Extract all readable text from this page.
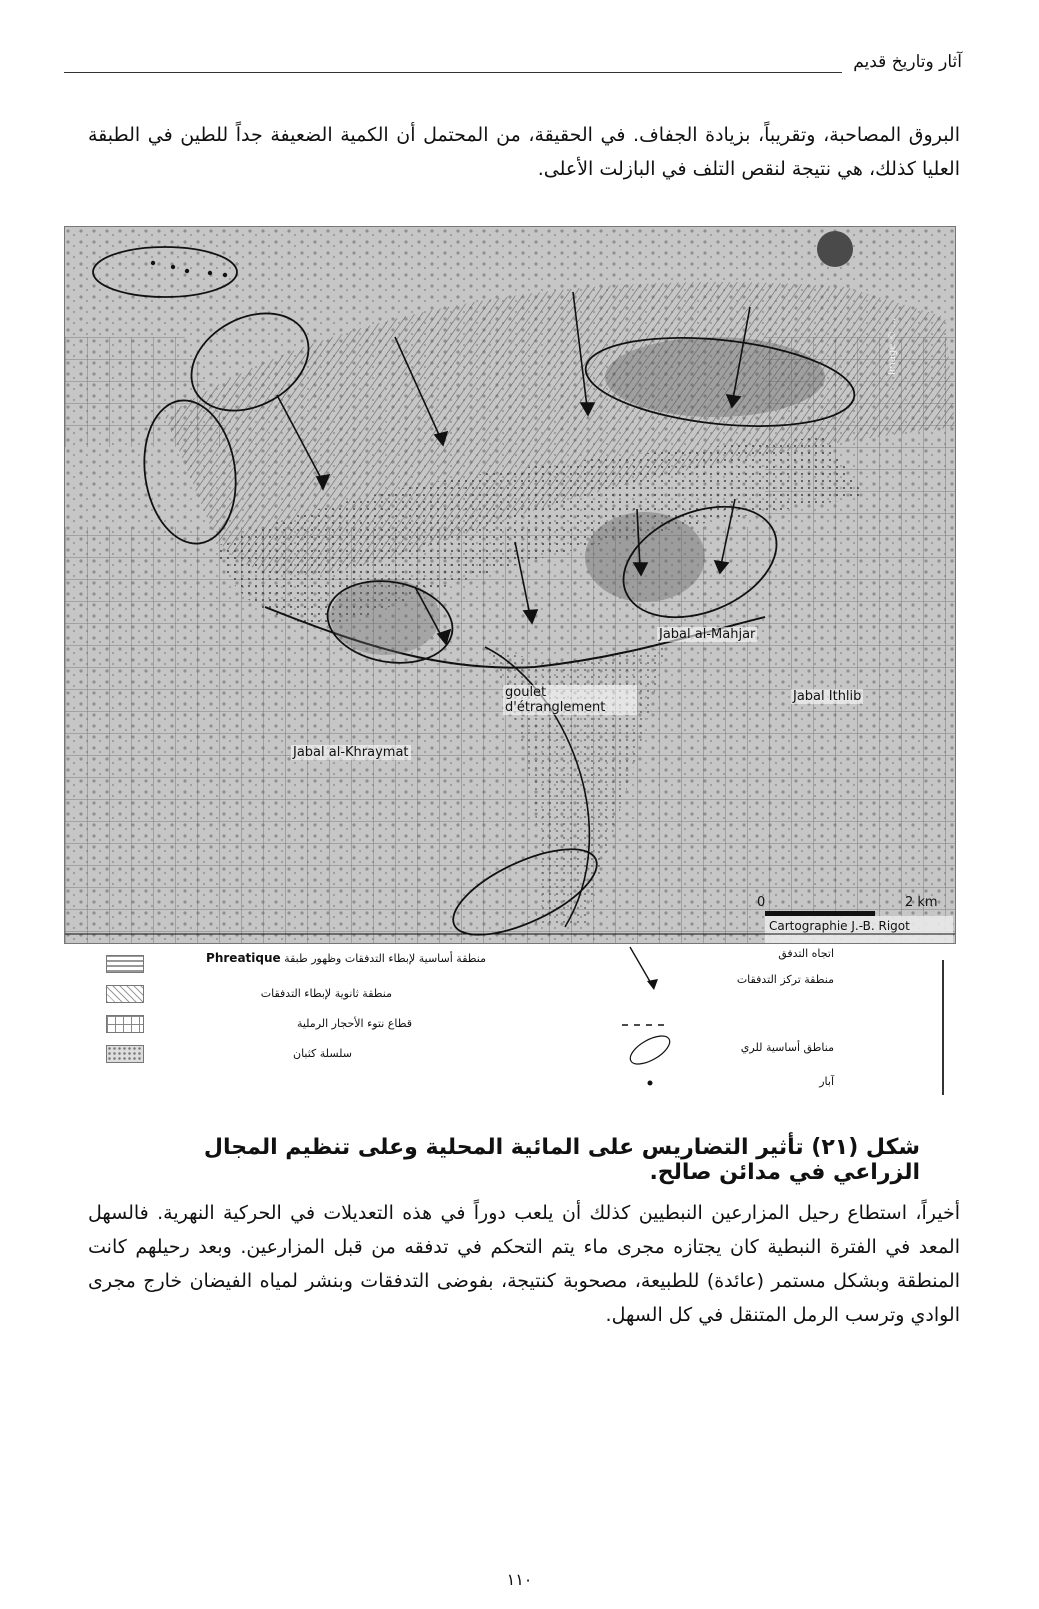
آثار وتاريخ قديم
البروق المصاحبة، وتقريباً، بزيادة الجفاف. في الحقيقة، من المحتمل أن الكمية الضعيفة جداً للطين في الطبقة العليا كذلك، هي نتيجة لنقص التلف في البازلت الأعلى.
Jabal al-Mahjar
Jabal Ithlib
Jabal al-Khraymat
goulet d'étranglement
Image © ...
0	2 km
Cartographie J.-B. Rigot
منطقة أساسية لإبطاء التدفقات وظهور طبقة Phreatique
منطقة ثانوية لإبطاء التدفقات
قطاع نتوء الأحجار الرملية
سلسلة كثبان
اتجاه التدفق
منطقة تركز التدفقات
مناطق أساسية للري
آبار
شكل (٢١) تأثير التضاريس على المائية المحلية وعلى تنظيم المجال الزراعي في مدائن صالح.
أخيراً، استطاع رحيل المزارعين النبطيين كذلك أن يلعب دوراً في هذه التعديلات في الحركية النهرية. فالسهل المعد في الفترة النبطية كان يجتازه مجرى ماء يتم التحكم في تدفقه من قبل المزارعين. وبعد رحيلهم كانت المنطقة وبشكل مستمر (عائدة) للطبيعة، مصحوبة كنتيجة، بفوضى التدفقات وبنشر لمياه الفيضان خارج مجرى الوادي وترسب الرمل المتنقل في كل السهل.
١١٠
